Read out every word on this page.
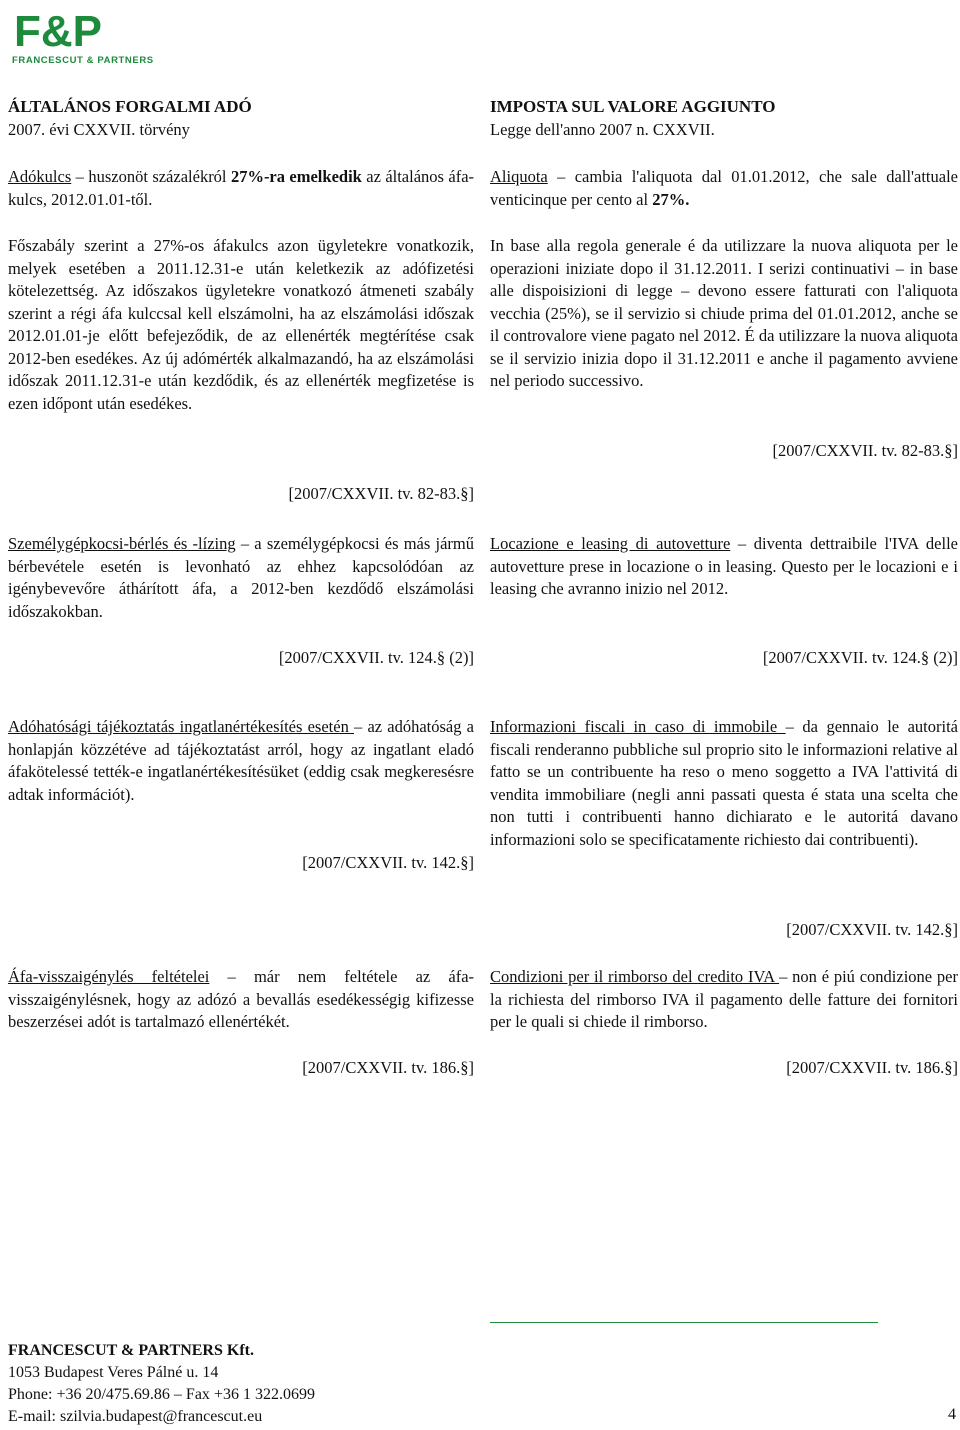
F&P
FRANCESCUT & PARTNERS
ÁLTALÁNOS FORGALMI ADÓ
2007. évi CXXVII. törvény
Adókulcs – huszonöt százalékról 27%-ra emelkedik az általános áfa-kulcs, 2012.01.01-től.
Főszabály szerint a 27%-os áfakulcs azon ügyletekre vonatkozik, melyek esetében a 2011.12.31-e után keletkezik az adófizetési kötelezettség. Az időszakos ügyletekre vonatkozó átmeneti szabály szerint a régi áfa kulccsal kell elszámolni, ha az elszámolási időszak 2012.01.01-je előtt befejeződik, de az ellenérték megtérítése csak 2012-ben esedékes. Az új adómérték alkalmazandó, ha az elszámolási időszak 2011.12.31-e után kezdődik, és az ellenérték megfizetése is ezen időpont után esedékes.
[2007/CXXVII. tv. 82-83.§]
Személygépkocsi-bérlés és -lízing – a személygépkocsi és más jármű bérbevétele esetén is levonható az ehhez kapcsolódóan az igénybevevőre áthárított áfa, a 2012-ben kezdődő elszámolási időszakokban.
[2007/CXXVII. tv. 124.§ (2)]
Adóhatósági tájékoztatás ingatlanértékesítés esetén – az adóhatóság a honlapján közzétéve ad tájékoztatást arról, hogy az ingatlant eladó áfakötelessé tették-e ingatlanértékesítésüket (eddig csak megkeresésre adtak információt).
[2007/CXXVII. tv. 142.§]
Áfa-visszaigénylés feltételei – már nem feltétele az áfa-visszaigénylésnek, hogy az adózó a bevallás esedékességig kifizesse beszerzései adót is tartalmazó ellenértékét.
[2007/CXXVII. tv. 186.§]
IMPOSTA SUL VALORE AGGIUNTO
Legge dell'anno 2007 n. CXXVII.
Aliquota – cambia l'aliquota dal 01.01.2012, che sale dall'attuale venticinque per cento al 27%.
In base alla regola generale é da utilizzare la nuova aliquota per le operazioni iniziate dopo il 31.12.2011. I serizi continuativi – in base alle dispoisizioni di legge – devono essere fatturati con l'aliquota vecchia (25%), se il servizio si chiude prima del 01.01.2012, anche se il controvalore viene pagato nel 2012. É da utilizzare la nuova aliquota se il servizio inizia dopo il 31.12.2011 e anche il pagamento avviene nel periodo successivo.
[2007/CXXVII. tv. 82-83.§]
Locazione e leasing di autovetture – diventa dettraibile l'IVA delle autovetture prese in locazione o in leasing. Questo per le locazioni e i leasing che avranno inizio nel 2012.
[2007/CXXVII. tv. 124.§ (2)]
Informazioni fiscali in caso di immobile – da gennaio le autoritá fiscali renderanno pubbliche sul proprio sito le informazioni relative al fatto se un contribuente ha reso o meno soggetto a IVA l'attivitá di vendita immobiliare (negli anni passati questa é stata una scelta che non tutti i contribuenti hanno dichiarato e le autoritá davano informazioni solo se specificatamente richiesto dai contribuenti).
[2007/CXXVII. tv. 142.§]
Condizioni per il rimborso del credito IVA – non é piú condizione per la richiesta del rimborso IVA il pagamento delle fatture dei fornitori per le quali si chiede il rimborso.
[2007/CXXVII. tv. 186.§]
FRANCESCUT & PARTNERS Kft.
1053 Budapest Veres Pálné u. 14
Phone: +36 20/475.69.86 – Fax +36 1 322.0699
E-mail: szilvia.budapest@francescut.eu	4
